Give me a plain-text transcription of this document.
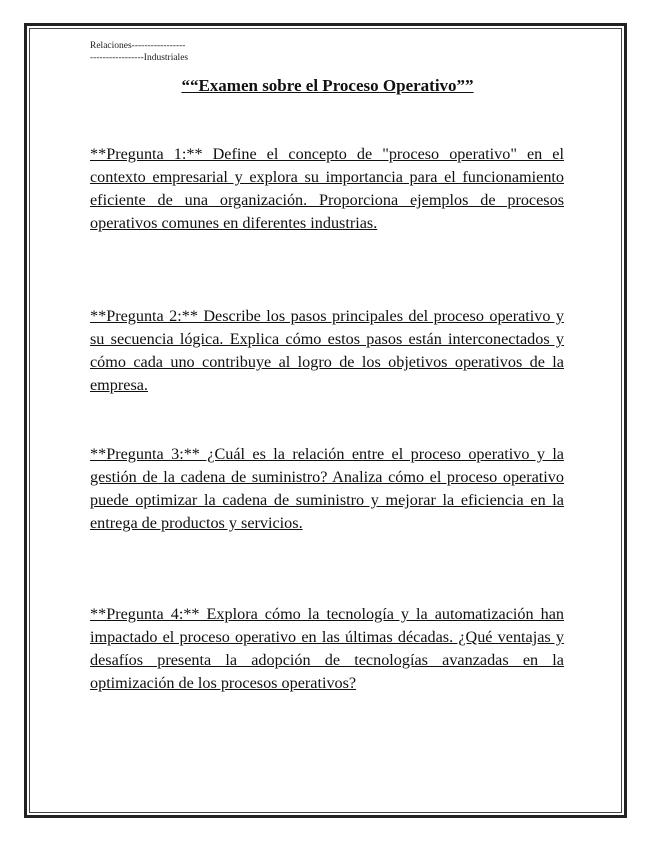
Relaciones-----------------
-----------------Industriales
““Examen sobre el Proceso Operativo””
**Pregunta 1:** Define el concepto de "proceso operativo" en el contexto empresarial y explora su importancia para el funcionamiento eficiente de una organización. Proporciona ejemplos de procesos operativos comunes en diferentes industrias.
**Pregunta 2:** Describe los pasos principales del proceso operativo y su secuencia lógica. Explica cómo estos pasos están interconectados y cómo cada uno contribuye al logro de los objetivos operativos de la empresa.
**Pregunta 3:** ¿Cuál es la relación entre el proceso operativo y la gestión de la cadena de suministro? Analiza cómo el proceso operativo puede optimizar la cadena de suministro y mejorar la eficiencia en la entrega de productos y servicios.
**Pregunta 4:** Explora cómo la tecnología y la automatización han impactado el proceso operativo en las últimas décadas. ¿Qué ventajas y desafíos presenta la adopción de tecnologías avanzadas en la optimización de los procesos operativos?
